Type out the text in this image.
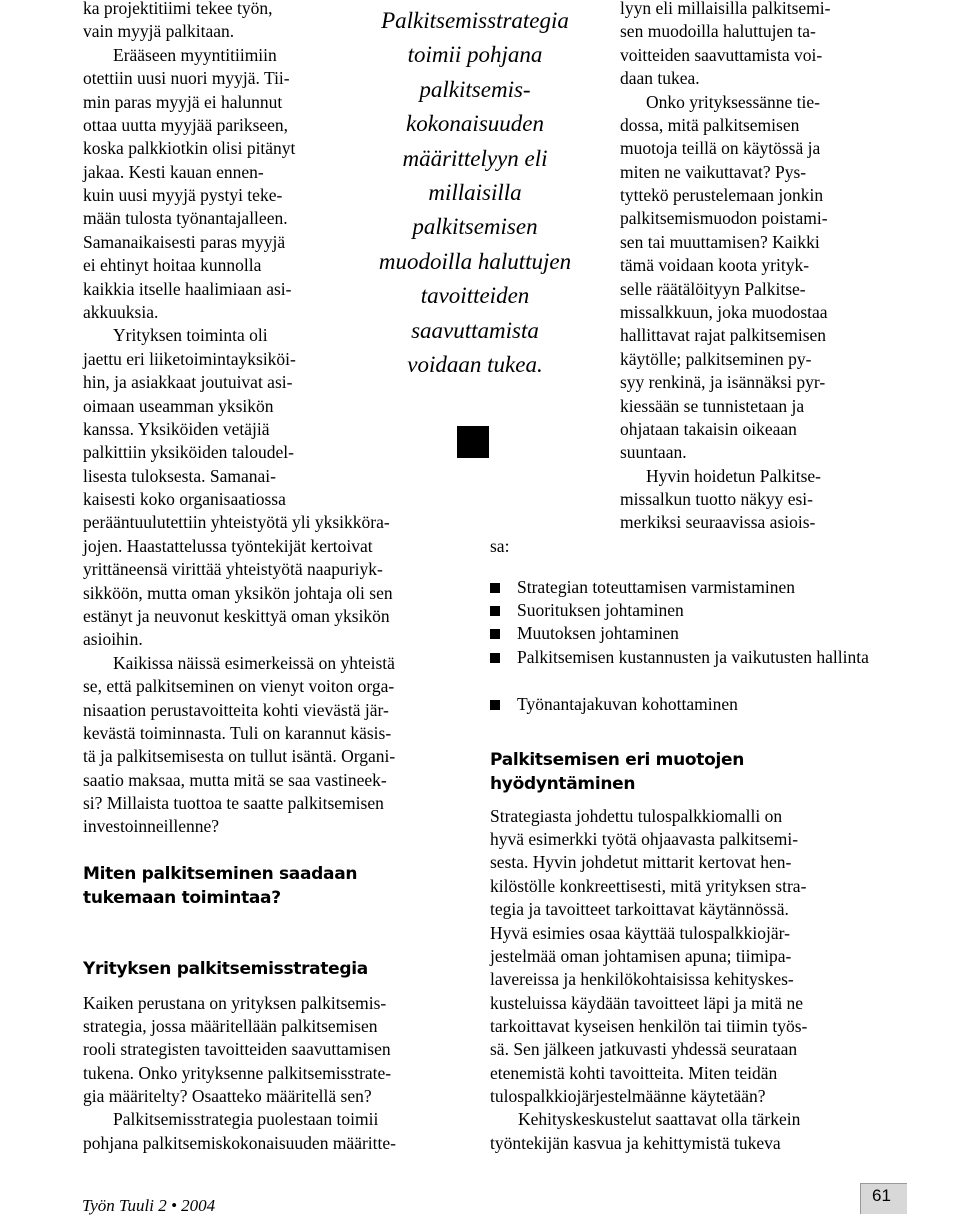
ka projektitiimi tekee työn,

vain myyjä palkitaan.

Erääseen myyntitiimiin

otettiin uusi nuori myyjä. Tii-

min paras myyjä ei halunnut

ottaa uutta myyjää parikseen,

koska palkkiotkin olisi pitänyt

jakaa. Kesti kauan ennen-

kuin uusi myyjä pystyi teke-

mään tulosta työnantajalleen.

Samanaikaisesti paras myyjä

ei ehtinyt hoitaa kunnolla

kaikkia itselle haalimiaan asi-

akkuuksia.

Yrityksen toiminta oli

jaettu eri liiketoimintayksiköi-

hin, ja asiakkaat joutuivat asi-

oimaan useamman yksikön

kanssa. Yksiköiden vetäjiä

palkittiin yksiköiden taloudel-

lisesta tuloksesta. Samanai-

kaisesti koko organisaatiossa

perääntuulutettiin yhteistyötä yli yksikkörа-

jojen. Haastattelussa työntekijät kertoivat

yrittäneensä virittää yhteistyötä naapuriyk-

sikköön, mutta oman yksikön johtaja oli sen

estänyt ja neuvonut keskittyä oman yksikön

asioihin.

Kaikissa näissä esimerkeissä on yhteistä

se, että palkitseminen on vienyt voiton orga-

nisaation perustavoitteita kohti vievästä jär-

kevästä toiminnasta. Tuli on karannut käsis-

tä ja palkitsemisesta on tullut isäntä. Organi-

saatio maksaa, mutta mitä se saa vastineek-

si? Millaista tuottoa te saatte palkitsemisen

investoinneillenne?

Miten palkitseminen saadaan
tukemaan toimintaa?
Yrityksen palkitsemisstrategia

Kaiken perustana on yrityksen palkitsemis-

strategia, jossa määritellään palkitsemisen

rooli strategisten tavoitteiden saavuttamisen

tukena. Onko yrityksenne palkitsemisstrate-

gia määritelty? Osaatteko määritellä sen?

Palkitsemisstrategia puolestaan toimii

pohjana palkitsemiskokonaisuuden määritte-

Palkitsemisstrategia
toimii pohjana
palkitsemis-
kokonaisuuden
määrittelyyn eli
millaisilla
palkitsemisen
muodoilla haluttujen
tavoitteiden
saavuttamista
voidaan tukea.

lyyn eli millaisilla palkitsemi-

sen muodoilla haluttujen ta-

voitteiden saavuttamista voi-

daan tukea.

Onko yrityksessänne tie-

dossa, mitä palkitsemisen

muotoja teillä on käytössä ja

miten ne vaikuttavat? Pys-

tyttekö perustelemaan jonkin

palkitsemismuodon poistami-

sen tai muuttamisen? Kaikki

tämä voidaan koota yrityk-

selle räätälöityyn Palkitse-

missalkkuun, joka muodostaa

hallittavat rajat palkitsemisen

käytölle; palkitseminen py-

syy renkinä, ja isännäksi pyr-

kiessään se tunnistetaan ja

ohjataan takaisin oikeaan

suuntaan.

Hyvin hoidetun Palkitse-

missalkun tuotto näkyy esi-

merkiksi seuraavissa asiois-

sa:

Strategian toteuttamisen varmistaminen
Suorituksen johtaminen
Muutoksen johtaminen
Palkitsemisen kustannusten ja vaikutusten hallinta
Työnantajakuvan kohottaminen
Palkitsemisen eri muotojen
hyödyntäminen

Strategiasta johdettu tulospalkkiomalli on

hyvä esimerkki työtä ohjaavasta palkitsemi-

sesta. Hyvin johdetut mittarit kertovat hen-

kilöstölle konkreettisesti, mitä yrityksen stra-

tegia ja tavoitteet tarkoittavat käytännössä.

Hyvä esimies osaa käyttää tulospalkkiojär-

jestelmää oman johtamisen apuna; tiimipa-

lavereissa ja henkilökohtaisissa kehityskes-

kusteluissa käydään tavoitteet läpi ja mitä ne

tarkoittavat kyseisen henkilön tai tiimin työs-

sä. Sen jälkeen jatkuvasti yhdessä seuratаan

etenemistä kohti tavoitteita. Miten teidän

tulospalkkiojärjestelmäänne käytetään?

Kehityskeskustelut saattavat olla tärkein

työntekijän kasvua ja kehittymistä tukeva

Työn Tuuli 2 • 2004
61
